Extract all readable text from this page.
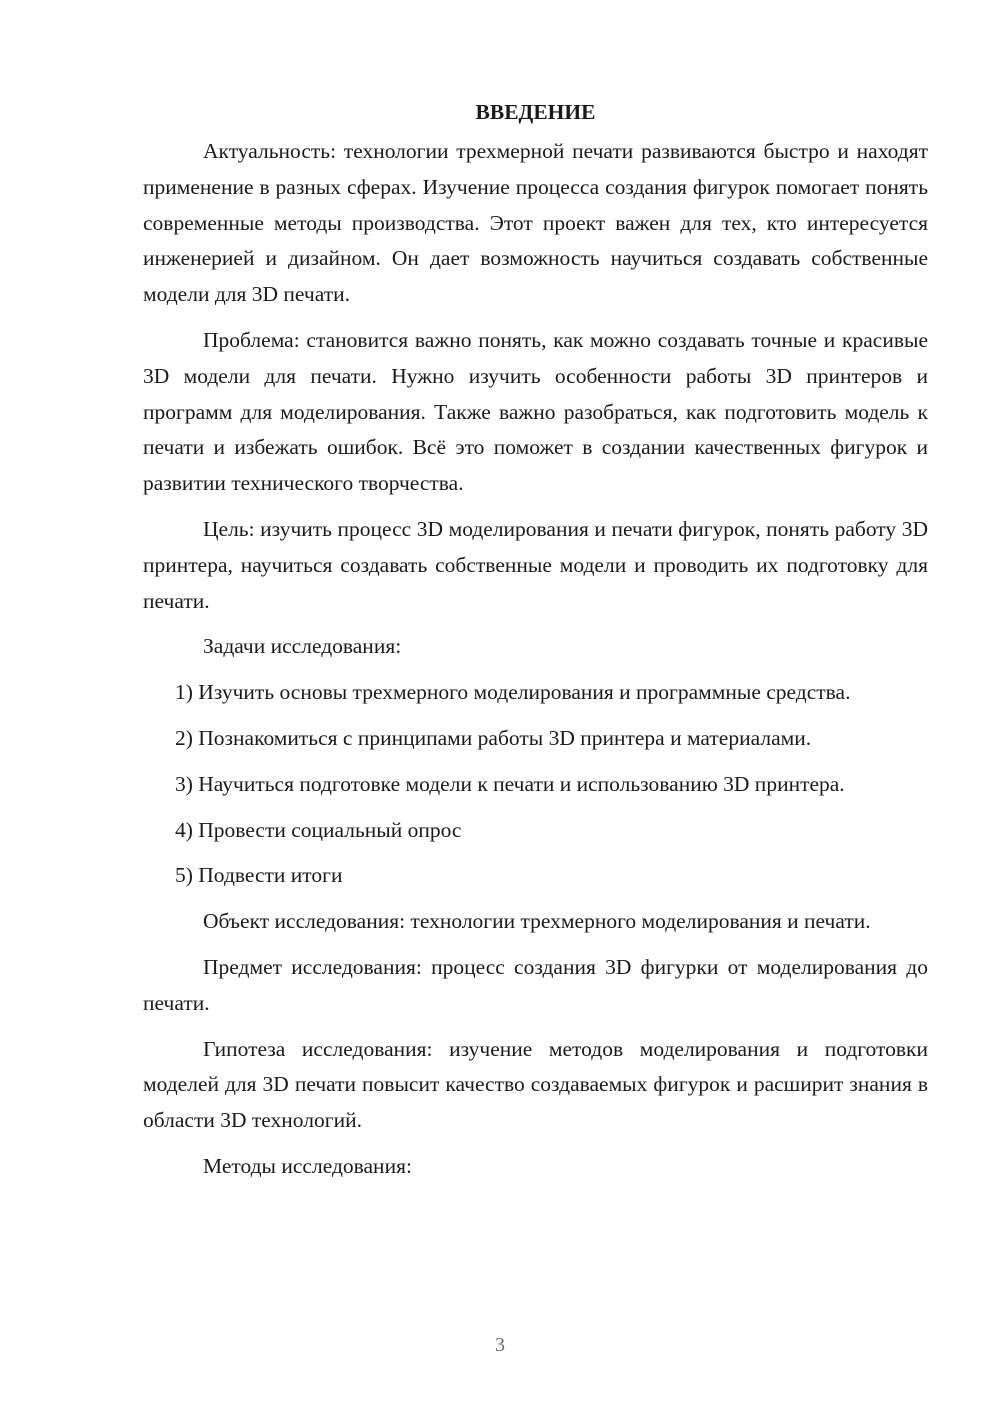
ВВЕДЕНИЕ

Актуальность: технологии трехмерной печати развиваются быстро и находят применение в разных сферах. Изучение процесса создания фигурок помогает понять современные методы производства. Этот проект важен для тех, кто интересуется инженерией и дизайном. Он дает возможность научиться создавать собственные модели для 3D печати.

Проблема: становится важно понять, как можно создавать точные и красивые 3D модели для печати. Нужно изучить особенности работы 3D принтеров и программ для моделирования. Также важно разобраться, как подготовить модель к печати и избежать ошибок. Всё это поможет в создании качественных фигурок и развитии технического творчества.

Цель: изучить процесс 3D моделирования и печати фигурок, понять работу 3D принтера, научиться создавать собственные модели и проводить их подготовку для печати.

Задачи исследования:

1) Изучить основы трехмерного моделирования и программные средства.

2) Познакомиться с принципами работы 3D принтера и материалами.

3) Научиться подготовке модели к печати и использованию 3D принтера.

4) Провести социальный опрос

5) Подвести итоги

Объект исследования: технологии трехмерного моделирования и печати.

Предмет исследования: процесс создания 3D фигурки от моделирования до печати.

Гипотеза исследования: изучение методов моделирования и подготовки моделей для 3D печати повысит качество создаваемых фигурок и расширит знания в области 3D технологий.

Методы исследования:

3
